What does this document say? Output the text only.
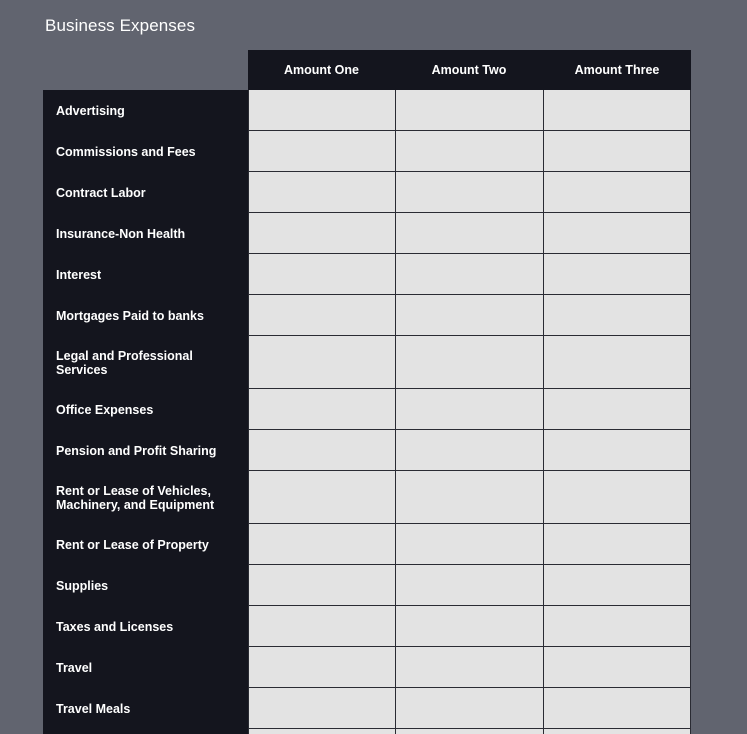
Business Expenses
Amount One	Amount Two	Amount Three
Advertising
Commissions and Fees
Contract Labor
Insurance-Non Health
Interest
Mortgages Paid to banks
Legal and Professional Services
Office Expenses
Pension and Profit Sharing
Rent or Lease of Vehicles, Machinery, and Equipment
Rent or Lease of Property
Supplies
Taxes and Licenses
Travel
Travel Meals
